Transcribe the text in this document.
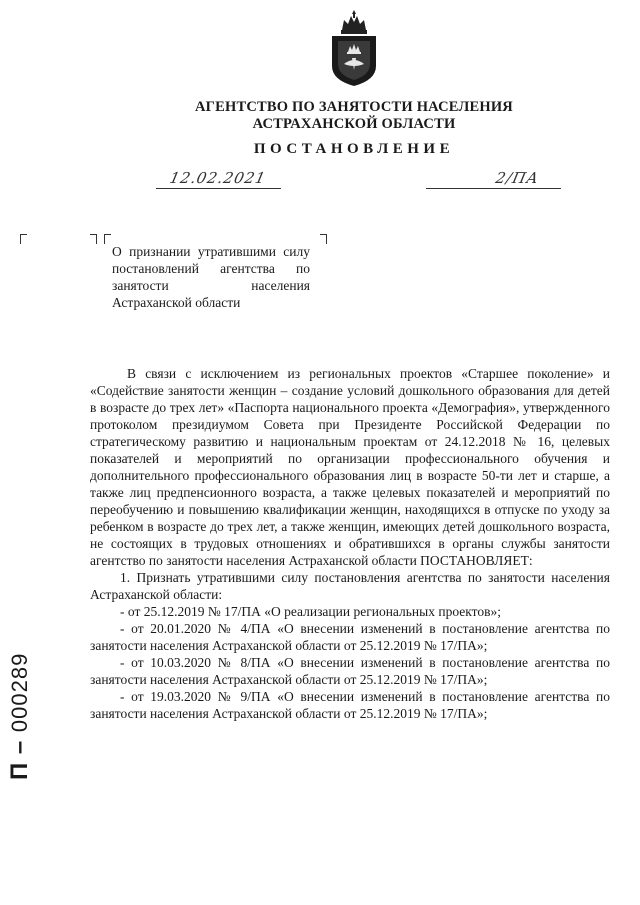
АГЕНТСТВО ПО ЗАНЯТОСТИ НАСЕЛЕНИЯ
АСТРАХАНСКОЙ ОБЛАСТИ
ПОСТАНОВЛЕНИЕ
12.02.2021	2/ПА
О признании утратившими силу постановлений агентства по занятости населения Астраханской области

В связи с исключением из региональных проектов «Старшее поколение» и «Содействие занятости женщин – создание условий дошкольного образования для детей в возрасте до трех лет» «Паспорта национального проекта «Демография», утвержденного протоколом президиумом Совета при Президенте Российской Федерации по стратегическому развитию и национальным проектам от 24.12.2018 № 16, целевых показателей и мероприятий по организации профессионального обучения и дополнительного профессионального образования лиц в возрасте 50-ти лет и старше, а также лиц предпенсионного возраста, а также целевых показателей и мероприятий по переобучению и повышению квалификации женщин, находящихся в отпуске по уходу за ребенком в возрасте до трех лет, а также женщин, имеющих детей дошкольного возраста, не состоящих в трудовых отношениях и обратившихся в органы службы занятости агентство по занятости населения Астраханской области ПОСТАНОВЛЯЕТ:

1. Признать утратившими силу постановления агентства по занятости населения Астраханской области:

- от 25.12.2019 № 17/ПА «О реализации региональных проектов»;

- от 20.01.2020 № 4/ПА «О внесении изменений в постановление агентства по занятости населения Астраханской области от 25.12.2019 № 17/ПА»;

- от 10.03.2020 № 8/ПА «О внесении изменений в постановление агентства по занятости населения Астраханской области от 25.12.2019 № 17/ПА»;

- от 19.03.2020 № 9/ПА «О внесении изменений в постановление агентства по занятости населения Астраханской области от 25.12.2019 № 17/ПА»;

П – 000289
